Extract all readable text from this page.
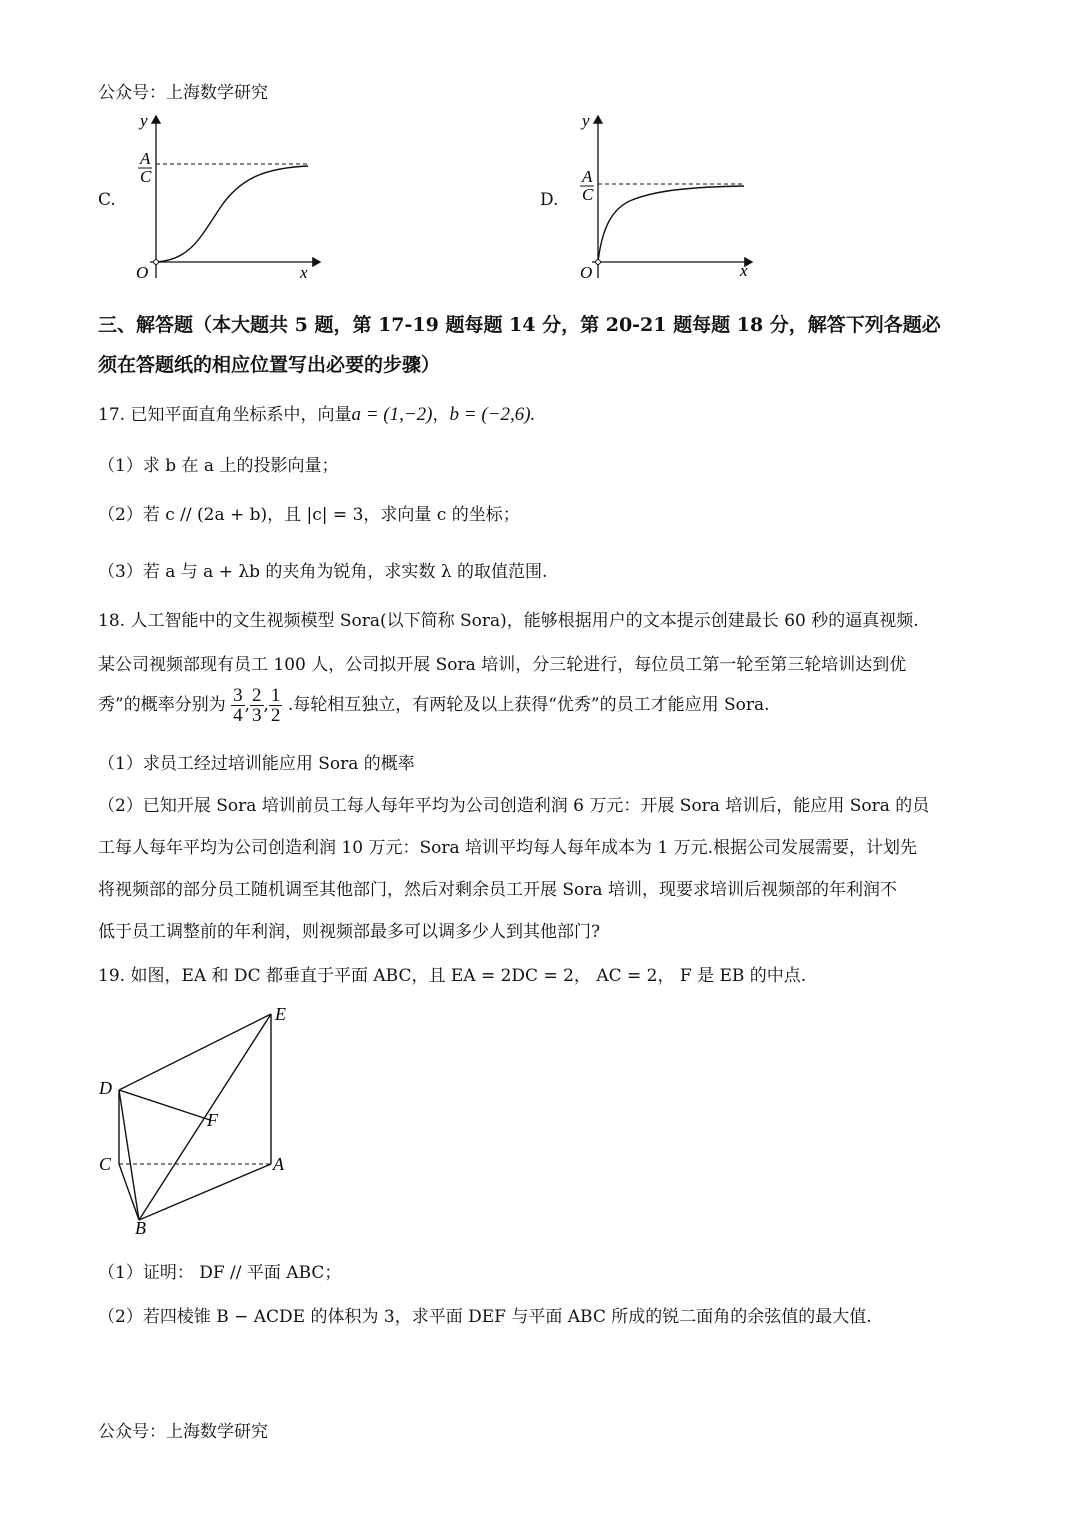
公众号：上海数学研究
C.
y
x
O
A
C
D.
y
x
O
A
C
三、解答题（本大题共 5 题，第 17-19 题每题 14 分，第 20-21 题每题 18 分，解答下列各题必
须在答题纸的相应位置写出必要的步骤）
17. 已知平面直角坐标系中，向量a = (1,−2)，b = (−2,6).
（1）求 b 在 a 上的投影向量；
（2）若 c // (2a + b)，且 |c| = 3，求向量 c 的坐标；
（3）若 a 与 a + λb 的夹角为锐角，求实数 λ 的取值范围.
18. 人工智能中的文生视频模型 Sora(以下简称 Sora)，能够根据用户的文本提示创建最长 60 秒的逼真视频.
某公司视频部现有员工 100 人，公司拟开展 Sora 培训，分三轮进行，每位员工第一轮至第三轮培训达到优
秀”的概率分别为 $\frac{3}{4}$ , $\frac{2}{3}$ , $\frac{1}{2}$ .每轮相互独立，有两轮及以上获得“优秀”的员工才能应用 Sora.
（1）求员工经过培训能应用 Sora 的概率
（2）已知开展 Sora 培训前员工每人每年平均为公司创造利润 6 万元：开展 Sora 培训后，能应用 Sora 的员
工每人每年平均为公司创造利润 10 万元：Sora 培训平均每人每年成本为 1 万元.根据公司发展需要，计划先
将视频部的部分员工随机调至其他部门，然后对剩余员工开展 Sora 培训，现要求培训后视频部的年利润不
低于员工调整前的年利润，则视频部最多可以调多少人到其他部门?
19. 如图，EA 和 DC 都垂直于平面 ABC，且 EA = 2DC = 2， AC = 2， F 是 EB 的中点.
E
D
F
C	A
B
（1）证明： DF // 平面 ABC；
（2）若四棱锥 B − ACDE 的体积为 3，求平面 DEF 与平面 ABC 所成的锐二面角的余弦值的最大值.
公众号：上海数学研究
